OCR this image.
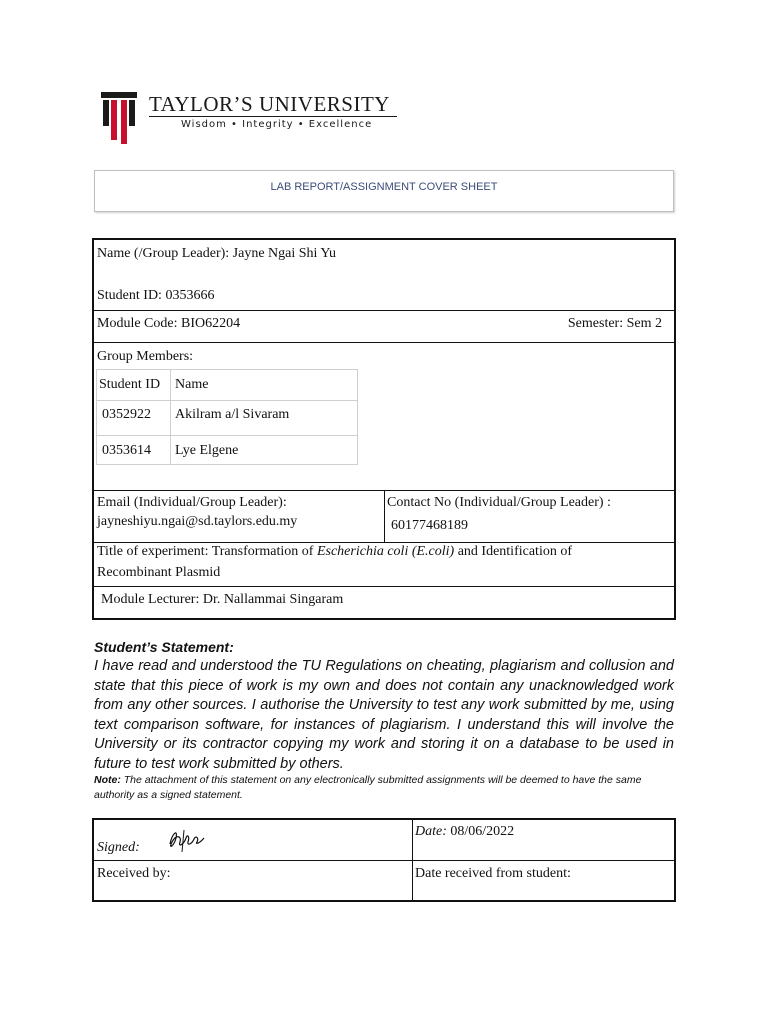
TAYLOR’S UNIVERSITY
Wisdom • Integrity • Excellence
LAB REPORT/ASSIGNMENT COVER SHEET
Name (/Group Leader): Jayne Ngai Shi Yu
Student ID: 0353666
Module Code: BIO62204	Semester: Sem 2
Group Members:
Student ID Name
0352922 Akilram a/l Sivaram
0353614 Lye Elgene
Email (Individual/Group Leader):
jayneshiyu.ngai@sd.taylors.edu.my
Contact No (Individual/Group Leader) :
60177468189
Title of experiment: Transformation of Escherichia coli (E.coli) and Identification of
Recombinant Plasmid
Module Lecturer: Dr. Nallammai Singaram
Student’s Statement:
I have read and understood the TU Regulations on cheating, plagiarism and collusion and state that this piece of work is my own and does not contain any unacknowledged work from any other sources. I authorise the University to test any work submitted by me, using text comparison software, for instances of plagiarism. I understand this will involve the University or its contractor copying my work and storing it on a database to be used in future to test work submitted by others.
Note: The attachment of this statement on any electronically submitted assignments will be deemed to have the same authority as a signed statement.
Signed:
Date: 08/06/2022
Received by:	Date received from student:
